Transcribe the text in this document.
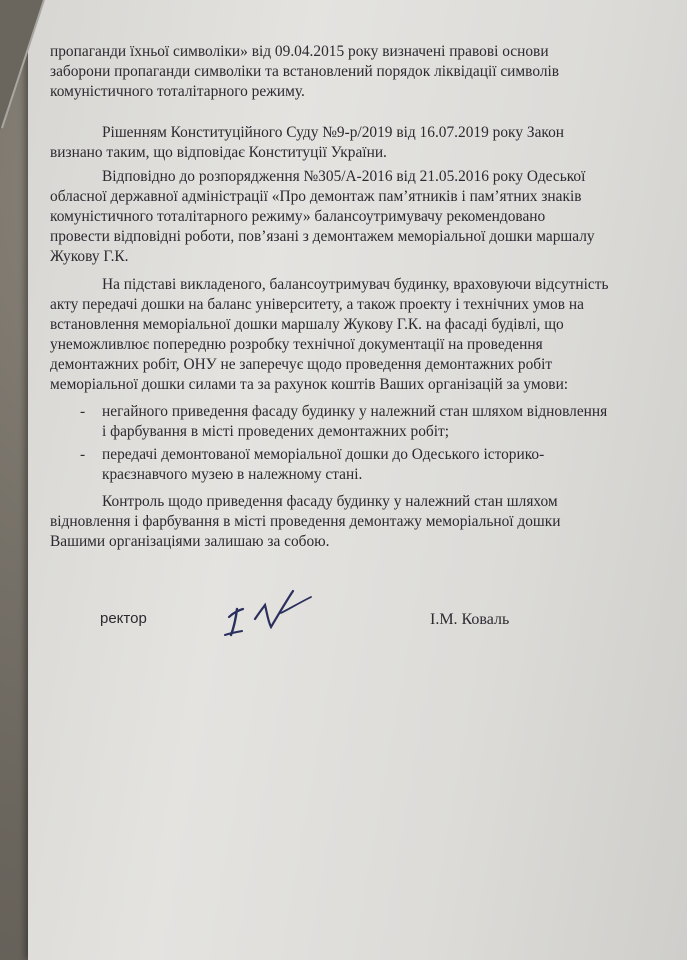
пропаганди їхньої символіки» від 09.04.2015 року визначені правові основи
заборони пропаганди символіки та встановлений порядок ліквідації символів
комуністичного тоталітарного режиму.
Рішенням Конституційного Суду №9-р/2019 від 16.07.2019 року Закон
визнано таким, що відповідає Конституції України.
Відповідно до розпорядження №305/А-2016 від 21.05.2016 року Одеської
обласної державної адміністрації «Про демонтаж пам’ятників і пам’ятних знаків
комуністичного тоталітарного режиму» балансоутримувачу рекомендовано
провести відповідні роботи, пов’язані з демонтажем меморіальної дошки маршалу
Жукову Г.К.
На підставі викладеного, балансоутримувач будинку, враховуючи відсутність
акту передачі дошки на баланс університету, а також проекту і технічних умов на
встановлення меморіальної дошки маршалу Жукову Г.К. на фасаді будівлі, що
унеможливлює попередню розробку технічної документації на проведення
демонтажних робіт, ОНУ не заперечує щодо проведення демонтажних робіт
меморіальної дошки силами та за рахунок коштів Ваших організацій за умови:
- негайного приведення фасаду будинку у належний стан шляхом відновлення
і фарбування в місті проведених демонтажних робіт;
- передачі демонтованої меморіальної дошки до Одеського історико-
краєзнавчого музею в належному стані.
Контроль щодо приведення фасаду будинку у належний стан шляхом
відновлення і фарбування в місті проведення демонтажу меморіальної дошки
Вашими організаціями залишаю за собою.
ректор	І.М. Коваль
